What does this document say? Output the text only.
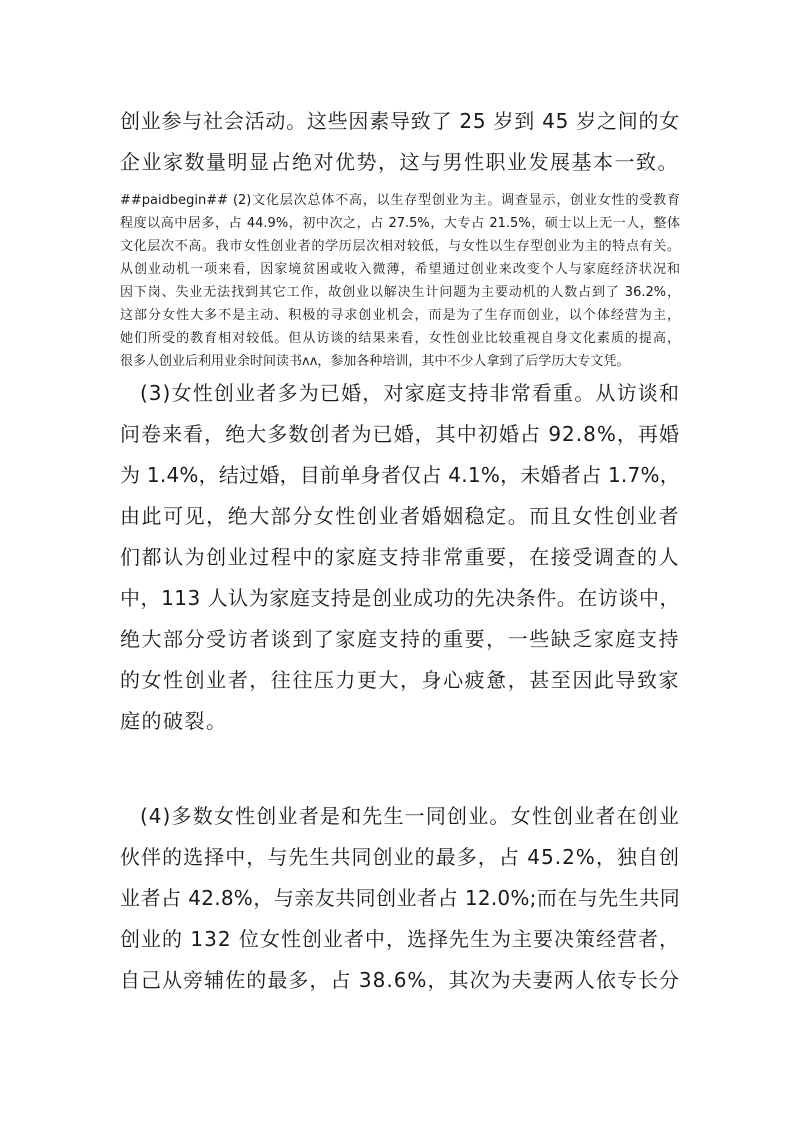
创业参与社会活动。这些因素导致了 25 岁到 45 岁之间的女
企业家数量明显占绝对优势，这与男性职业发展基本一致。
##paidbegin## (2)文化层次总体不高，以生存型创业为主。调查显示，创业女性的受教育
程度以高中居多，占 44.9%，初中次之，占 27.5%，大专占 21.5%，硕士以上无一人，整体
文化层次不高。我市女性创业者的学历层次相对较低，与女性以生存型创业为主的特点有关。
从创业动机一项来看，因家境贫困或收入微薄，希望通过创业来改变个人与家庭经济状况和
因下岗、失业无法找到其它工作，故创业以解决生计问题为主要动机的人数占到了 36.2%，
这部分女性大多不是主动、积极的寻求创业机会，而是为了生存而创业，以个体经营为主，
她们所受的教育相对较低。但从访谈的结果来看，女性创业比较重视自身文化素质的提高，
很多人创业后利用业余时间读书ʌʌ，参加各种培训，其中不少人拿到了后学历大专文凭。
(3)女性创业者多为已婚，对家庭支持非常看重。从访谈和
问卷来看，绝大多数创者为已婚，其中初婚占 92.8%，再婚
为 1.4%，结过婚，目前单身者仅占 4.1%，未婚者占 1.7%，
由此可见，绝大部分女性创业者婚姻稳定。而且女性创业者
们都认为创业过程中的家庭支持非常重要，在接受调查的人
中，113 人认为家庭支持是创业成功的先决条件。在访谈中，
绝大部分受访者谈到了家庭支持的重要，一些缺乏家庭支持
的女性创业者，往往压力更大，身心疲惫，甚至因此导致家
庭的破裂。
(4)多数女性创业者是和先生一同创业。女性创业者在创业
伙伴的选择中，与先生共同创业的最多，占 45.2%，独自创
业者占 42.8%，与亲友共同创业者占 12.0%;而在与先生共同
创业的 132 位女性创业者中，选择先生为主要决策经营者，
自己从旁辅佐的最多，占 38.6%，其次为夫妻两人依专长分
